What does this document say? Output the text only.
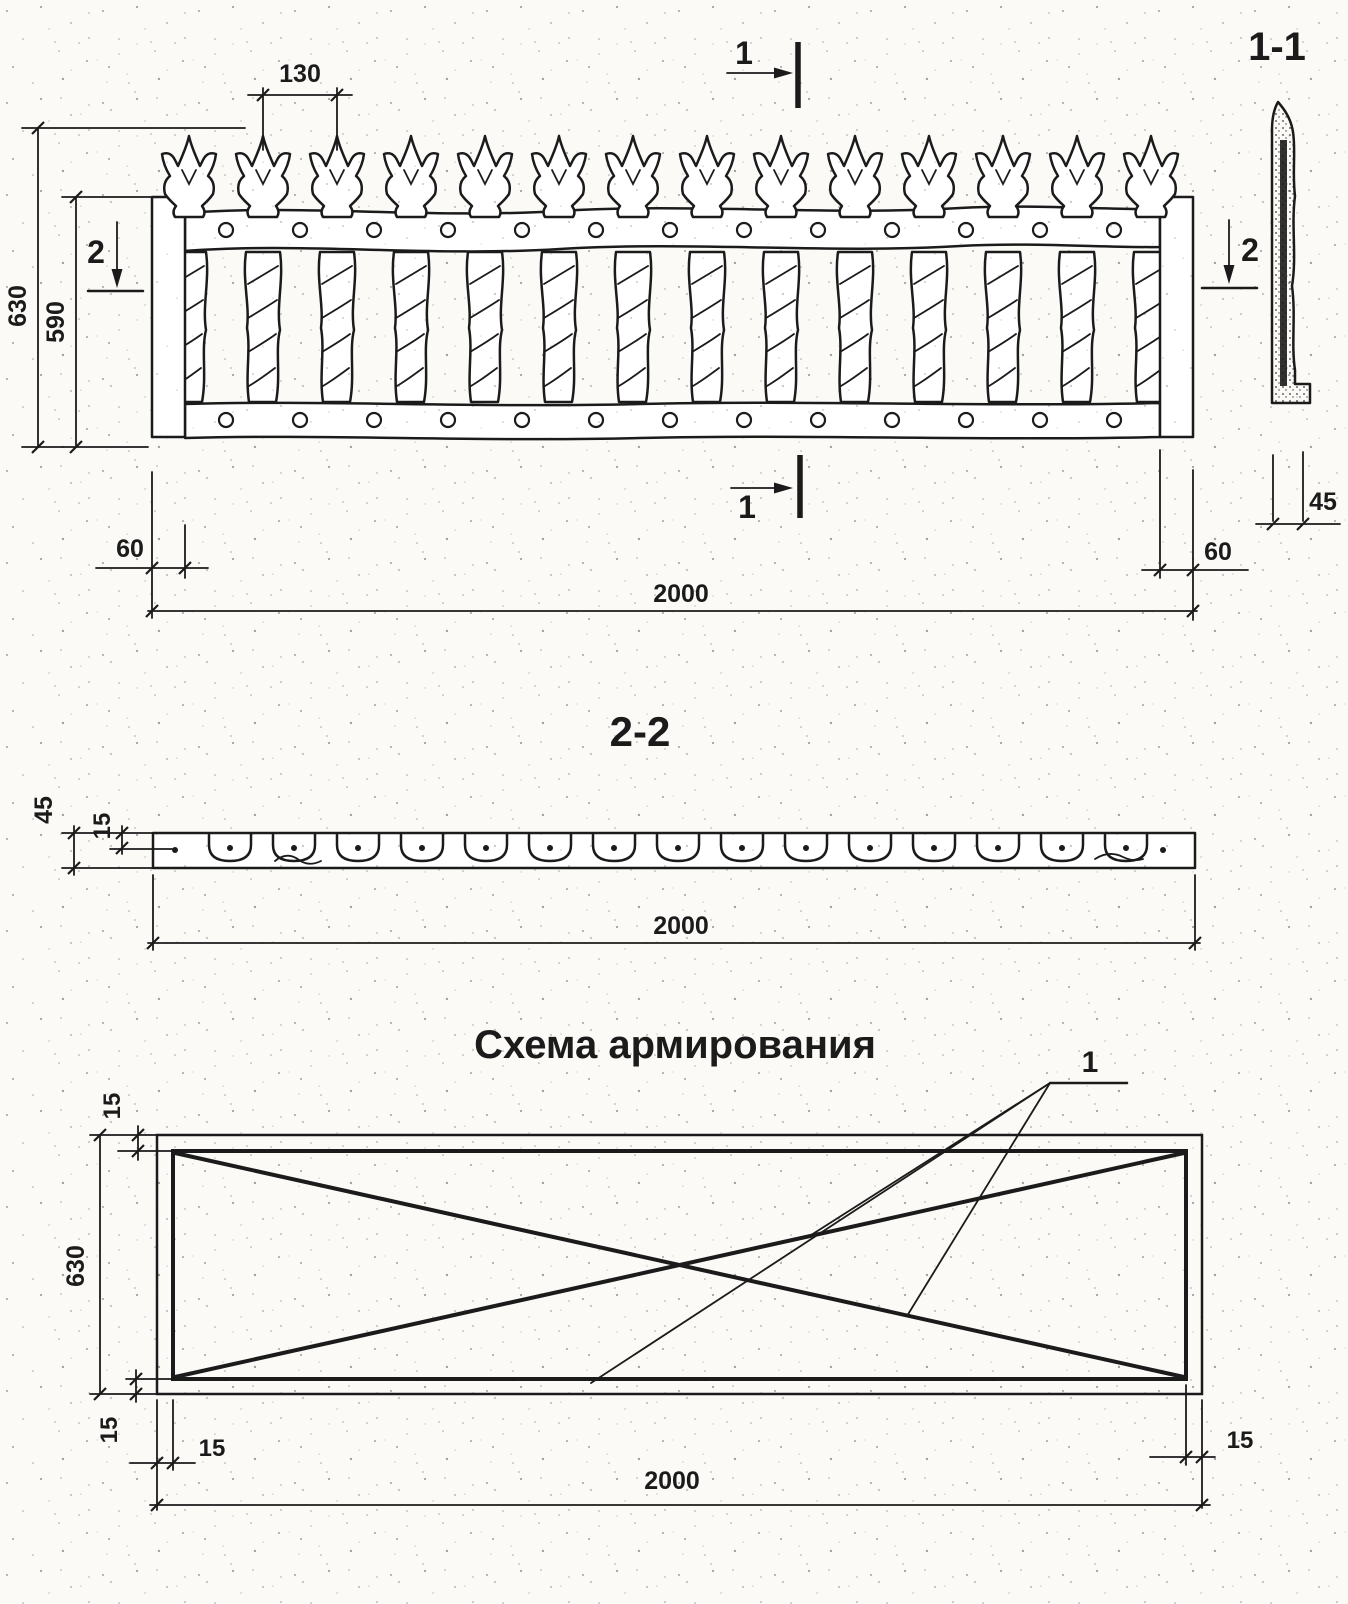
130
630 590
2
1
2
1
60	60
2000
1-1
45
2-2
45
15
2000
Схема армирования	1
15
630
15
15	15
2000
